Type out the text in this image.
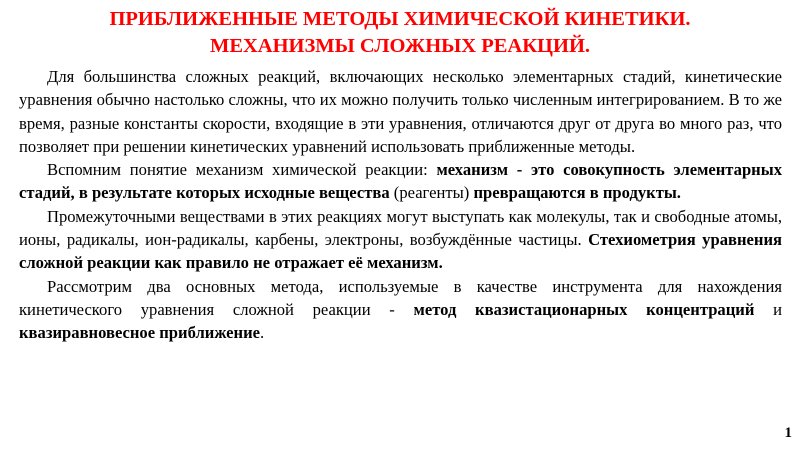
ПРИБЛИЖЕННЫЕ МЕТОДЫ ХИМИЧЕСКОЙ КИНЕТИКИ.
МЕХАНИЗМЫ СЛОЖНЫХ РЕАКЦИЙ.

Для большинства сложных реакций, включающих несколько элементарных стадий, кинетические уравнения обычно настолько сложны, что их можно получить только численным интегрированием. В то же время, разные константы скорости, входящие в эти уравнения, отличаются друг от друга во много раз, что позволяет при решении кинетических уравнений использовать приближенные методы.

Вспомним понятие механизм химической реакции: механизм - это совокупность элементарных стадий, в результате которых исходные вещества (реагенты) превращаются в продукты.

Промежуточными веществами в этих реакциях могут выступать как молекулы, так и свободные атомы, ионы, радикалы, ион-радикалы, карбены, электроны, возбуждённые частицы. Стехиометрия уравнения сложной реакции как правило не отражает её механизм.

Рассмотрим два основных метода, используемые в качестве инструмента для нахождения кинетического уравнения сложной реакции - метод квазистационарных концентраций и квазиравновесное приближение.

1
